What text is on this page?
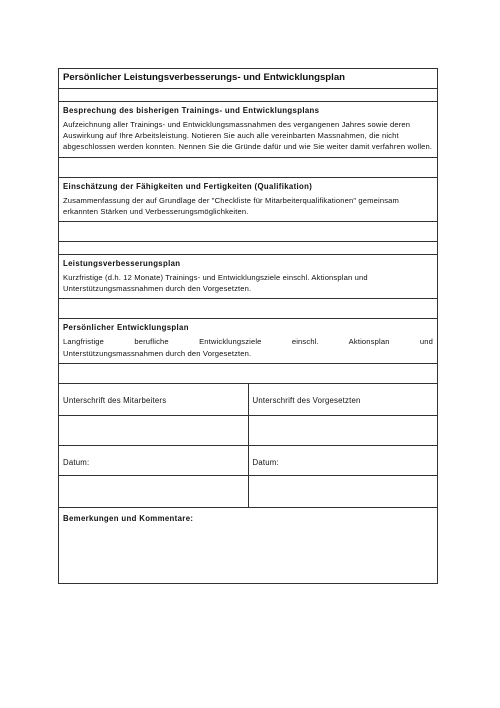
Persönlicher Leistungsverbesserungs- und Entwicklungsplan
Besprechung des bisherigen Trainings- und Entwicklungsplans
Aufzeichnung aller Trainings- und Entwicklungsmassnahmen des vergangenen Jahres sowie deren Auswirkung auf Ihre Arbeitsleistung. Notieren Sie auch alle vereinbarten Massnahmen, die nicht abgeschlossen werden konnten. Nennen Sie die Gründe dafür und wie Sie weiter damit verfahren wollen.
Einschätzung der Fähigkeiten und Fertigkeiten (Qualifikation)
Zusammenfassung der auf Grundlage der "Checkliste für Mitarbeiterqualifikationen" gemeinsam erkannten Stärken und Verbesserungsmöglichkeiten.
Leistungsverbesserungsplan
Kurzfristige (d.h. 12 Monate) Trainings- und Entwicklungsziele einschl. Aktionsplan und Unterstützungsmassnahmen durch den Vorgesetzten.
Persönlicher Entwicklungsplan
Langfristige berufliche Entwicklungsziele einschl. Aktionsplan und
Unterstützungsmassnahmen durch den Vorgesetzten.
Unterschrift des Mitarbeiters	Unterschrift des Vorgesetzten
Datum:	Datum:
Bemerkungen und Kommentare:
